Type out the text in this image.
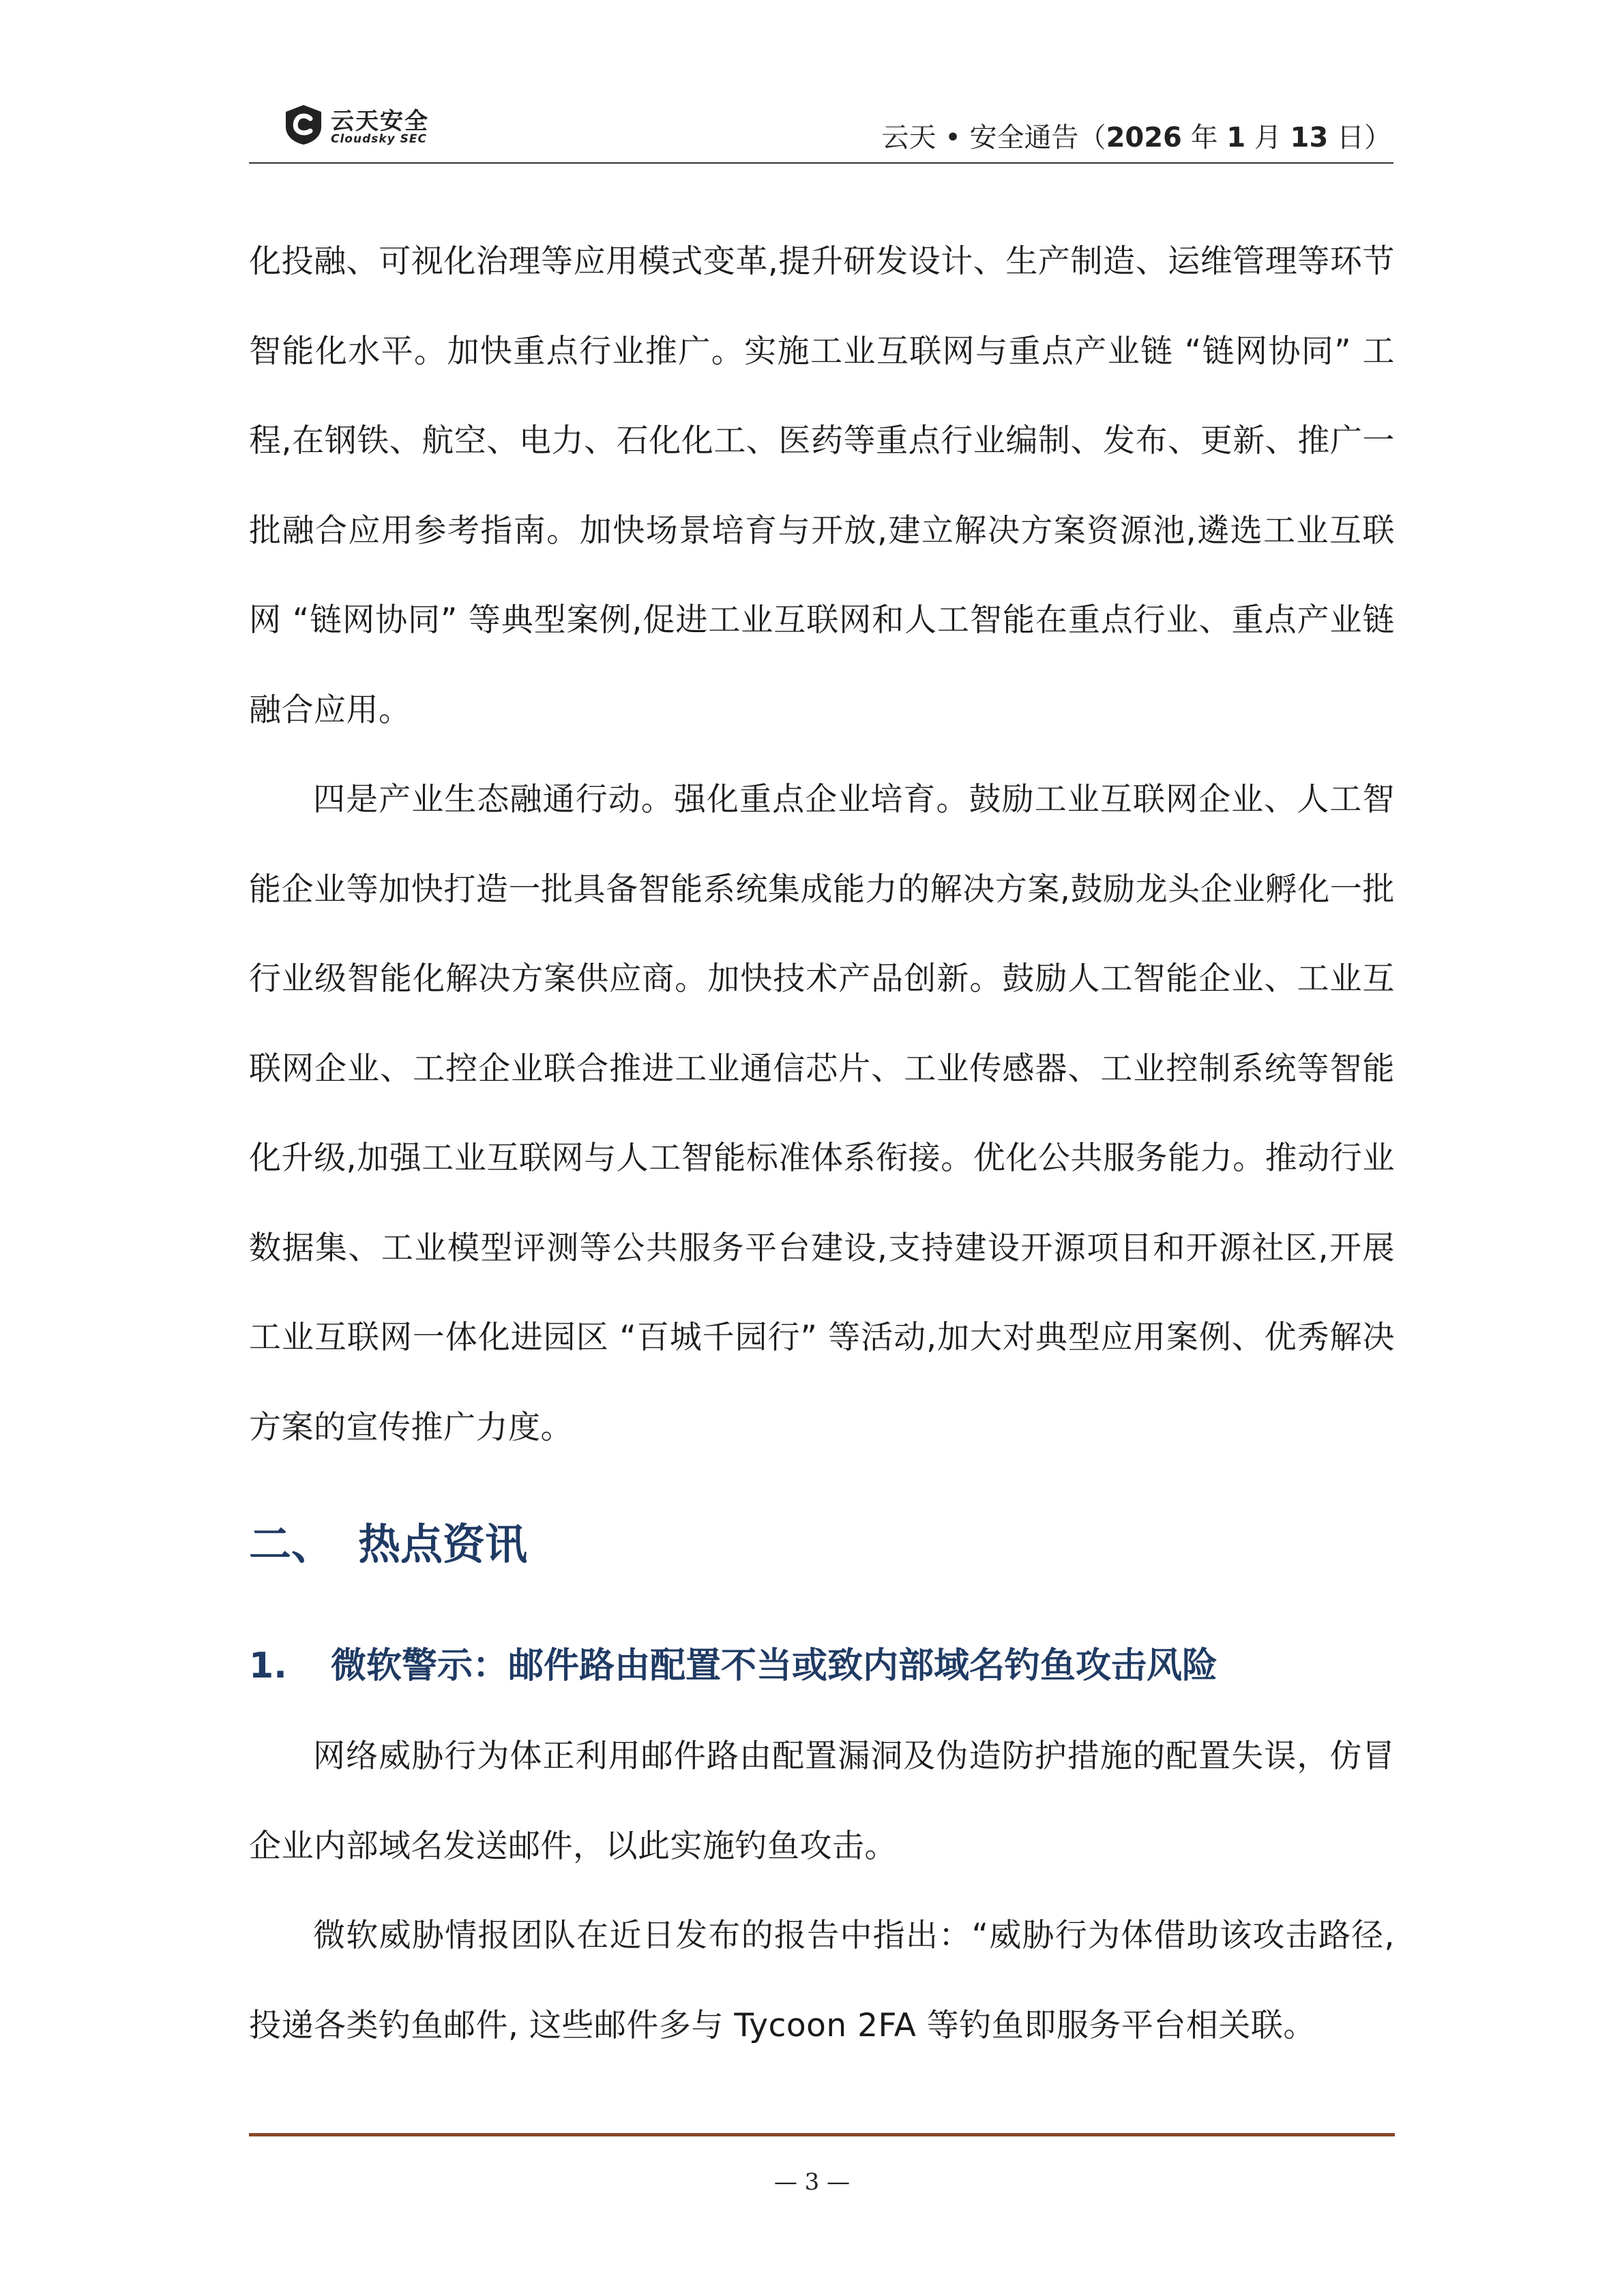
云天安全
Cloudsky SEC	云天 • 安全通告（2026 年 1 月 13 日）

化投融、可视化治理等应用模式变革,提升研发设计、生产制造、运维管理等环节智能化水平。加快重点行业推广。实施工业互联网与重点产业链 “链网协同” 工程,在钢铁、航空、电力、石化化工、医药等重点行业编制、发布、更新、推广一批融合应用参考指南。加快场景培育与开放,建立解决方案资源池,遴选工业互联网 “链网协同” 等典型案例,促进工业互联网和人工智能在重点行业、重点产业链融合应用。

四是产业生态融通行动。强化重点企业培育。鼓励工业互联网企业、人工智能企业等加快打造一批具备智能系统集成能力的解决方案,鼓励龙头企业孵化一批行业级智能化解决方案供应商。加快技术产品创新。鼓励人工智能企业、工业互联网企业、工控企业联合推进工业通信芯片、工业传感器、工业控制系统等智能化升级,加强工业互联网与人工智能标准体系衔接。优化公共服务能力。推动行业数据集、工业模型评测等公共服务平台建设,支持建设开源项目和开源社区,开展工业互联网一体化进园区 “百城千园行” 等活动,加大对典型应用案例、优秀解决方案的宣传推广力度。

二、 热点资讯
1. 微软警示：邮件路由配置不当或致内部域名钓鱼攻击风险

网络威胁行为体正利用邮件路由配置漏洞及伪造防护措施的配置失误，仿冒企业内部域名发送邮件，以此实施钓鱼攻击。

微软威胁情报团队在近日发布的报告中指出：“威胁行为体借助该攻击路径, 投递各类钓鱼邮件, 这些邮件多与 Tycoon 2FA 等钓鱼即服务平台相关联。

— 3 —
